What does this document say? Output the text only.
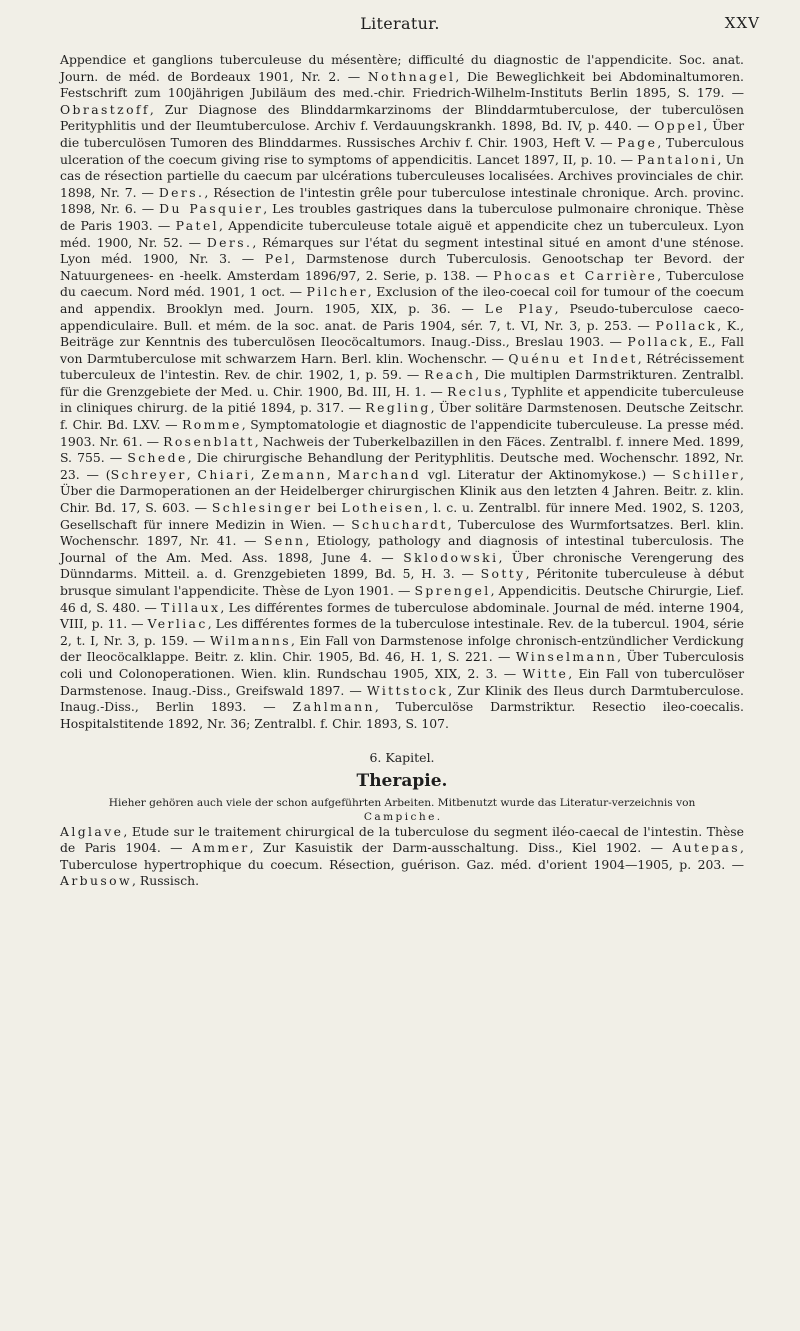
Literatur.	XXV

Appendice et ganglions tuberculeuse du mésentère; difficulté du diagnostic de l'appendicite. Soc. anat. Journ. de méd. de Bordeaux 1901, Nr. 2. — Nothnagel, Die Beweglichkeit bei Abdominaltumoren. Festschrift zum 100jährigen Jubiläum des med.-chir. Friedrich-Wilhelm-Instituts Berlin 1895, S. 179. — Obrastzoff, Zur Diagnose des Blinddarmkarzinoms der Blinddarmtuberculose, der tuberculösen Perityphlitis und der Ileumtuberculose. Archiv f. Verdauungskrankh. 1898, Bd. IV, p. 440. — Oppel, Über die tuberculösen Tumoren des Blinddarmes. Russisches Archiv f. Chir. 1903, Heft V. — Page, Tuberculous ulceration of the coecum giving rise to symptoms of appendicitis. Lancet 1897, II, p. 10. — Pantaloni, Un cas de résection partielle du caecum par ulcérations tuberculeuses localisées. Archives provinciales de chir. 1898, Nr. 7. — Ders., Résection de l'intestin grêle pour tuberculose intestinale chronique. Arch. provinc. 1898, Nr. 6. — Du Pasquier, Les troubles gastriques dans la tuberculose pulmonaire chronique. Thèse de Paris 1903. — Patel, Appendicite tuberculeuse totale aiguë et appendicite chez un tuberculeux. Lyon méd. 1900, Nr. 52. — Ders., Rémarques sur l'état du segment intestinal situé en amont d'une sténose. Lyon méd. 1900, Nr. 3. — Pel, Darmstenose durch Tuberculosis. Genootschap ter Bevord. der Natuurgenees- en -heelk. Amsterdam 1896/97, 2. Serie, p. 138. — Phocas et Carrière, Tuberculose du caecum. Nord méd. 1901, 1 oct. — Pilcher, Exclusion of the ileo-coecal coil for tumour of the coecum and appendix. Brooklyn med. Journ. 1905, XIX, p. 36. — Le Play, Pseudo-tuberculose caeco-appendiculaire. Bull. et mém. de la soc. anat. de Paris 1904, sér. 7, t. VI, Nr. 3, p. 253. — Pollack, K., Beiträge zur Kenntnis des tuberculösen Ileocöcaltumors. Inaug.-Diss., Breslau 1903. — Pollack, E., Fall von Darmtuberculose mit schwarzem Harn. Berl. klin. Wochenschr. — Quénu et Indet, Rétrécissement tuberculeux de l'intestin. Rev. de chir. 1902, 1, p. 59. — Reach, Die multiplen Darmstrikturen. Zentralbl. für die Grenzgebiete der Med. u. Chir. 1900, Bd. III, H. 1. — Reclus, Typhlite et appendicite tuberculeuse in cliniques chirurg. de la pitié 1894, p. 317. — Regling, Über solitäre Darmstenosen. Deutsche Zeitschr. f. Chir. Bd. LXV. — Romme, Symptomatologie et diagnostic de l'appendicite tuberculeuse. La presse méd. 1903. Nr. 61. — Rosenblatt, Nachweis der Tuberkelbazillen in den Fäces. Zentralbl. f. innere Med. 1899, S. 755. — Schede, Die chirurgische Behandlung der Perityphlitis. Deutsche med. Wochenschr. 1892, Nr. 23. — (Schreyer, Chiari, Zemann, Marchand vgl. Literatur der Aktinomykose.) — Schiller, Über die Darmoperationen an der Heidelberger chirurgischen Klinik aus den letzten 4 Jahren. Beitr. z. klin. Chir. Bd. 17, S. 603. — Schlesinger bei Lotheisen, l. c. u. Zentralbl. für innere Med. 1902, S. 1203, Gesellschaft für innere Medizin in Wien. — Schuchardt, Tuberculose des Wurmfortsatzes. Berl. klin. Wochenschr. 1897, Nr. 41. — Senn, Etiology, pathology and diagnosis of intestinal tuberculosis. The Journal of the Am. Med. Ass. 1898, June 4. — Sklodowski, Über chronische Verengerung des Dünndarms. Mitteil. a. d. Grenzgebieten 1899, Bd. 5, H. 3. — Sotty, Péritonite tuberculeuse à début brusque simulant l'appendicite. Thèse de Lyon 1901. — Sprengel, Appendicitis. Deutsche Chirurgie, Lief. 46 d, S. 480. — Tillaux, Les différentes formes de tuberculose abdominale. Journal de méd. interne 1904, VIII, p. 11. — Verliac, Les différentes formes de la tuberculose intestinale. Rev. de la tubercul. 1904, série 2, t. I, Nr. 3, p. 159. — Wilmanns, Ein Fall von Darmstenose infolge chronisch-entzündlicher Verdickung der Ileocöcalklappe. Beitr. z. klin. Chir. 1905, Bd. 46, H. 1, S. 221. — Winselmann, Über Tuberculosis coli und Colonoperationen. Wien. klin. Rundschau 1905, XIX, 2. 3. — Witte, Ein Fall von tuberculöser Darmstenose. Inaug.-Diss., Greifswald 1897. — Wittstock, Zur Klinik des Ileus durch Darmtuberculose. Inaug.-Diss., Berlin 1893. — Zahlmann, Tuberculöse Darmstriktur. Resectio ileo-coecalis. Hospitalstitende 1892, Nr. 36; Zentralbl. f. Chir. 1893, S. 107.

6. Kapitel.
Therapie.
Hieher gehören auch viele der schon aufgeführten Arbeiten. Mitbenutzt wurde das Literatur-verzeichnis von Campiche.

Alglave, Etude sur le traitement chirurgical de la tuberculose du segment iléo-caecal de l'intestin. Thèse de Paris 1904. — Ammer, Zur Kasuistik der Darm-ausschaltung. Diss., Kiel 1902. — Autepas, Tuberculose hypertrophique du coecum. Résection, guérison. Gaz. méd. d'orient 1904—1905, p. 203. — Arbusow, Russisch.
